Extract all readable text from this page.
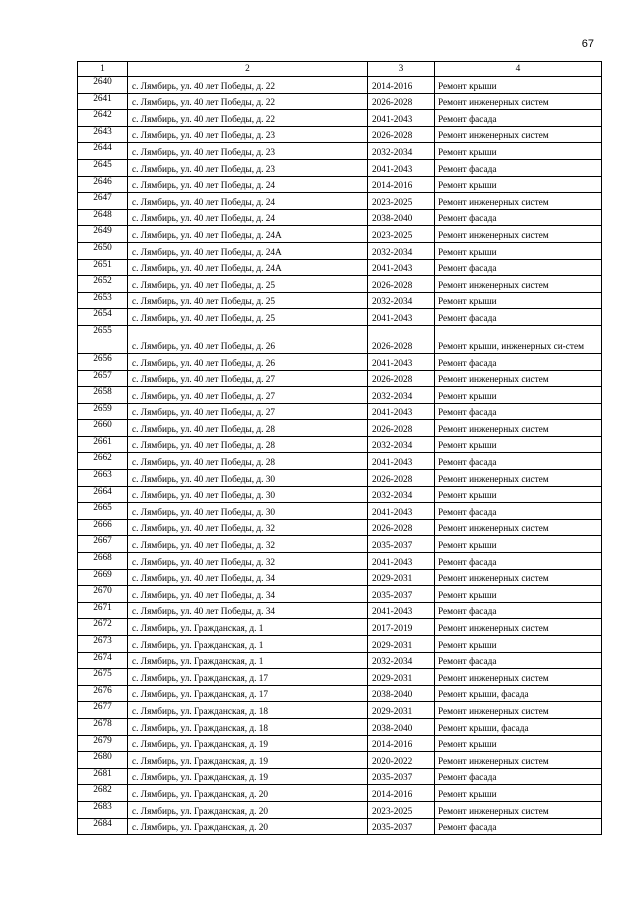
67
1	2	3	4
2640	с. Лямбирь, ул. 40 лет Победы, д. 22	2014-2016	Ремонт крыши
2641	с. Лямбирь, ул. 40 лет Победы, д. 22	2026-2028	Ремонт инженерных систем
2642	с. Лямбирь, ул. 40 лет Победы, д. 22	2041-2043	Ремонт фасада
2643	с. Лямбирь, ул. 40 лет Победы, д. 23	2026-2028	Ремонт инженерных систем
2644	с. Лямбирь, ул. 40 лет Победы, д. 23	2032-2034	Ремонт крыши
2645	с. Лямбирь, ул. 40 лет Победы, д. 23	2041-2043	Ремонт фасада
2646	с. Лямбирь, ул. 40 лет Победы, д. 24	2014-2016	Ремонт крыши
2647	с. Лямбирь, ул. 40 лет Победы, д. 24	2023-2025	Ремонт инженерных систем
2648	с. Лямбирь, ул. 40 лет Победы, д. 24	2038-2040	Ремонт фасада
2649	с. Лямбирь, ул. 40 лет Победы, д. 24А	2023-2025	Ремонт инженерных систем
2650	с. Лямбирь, ул. 40 лет Победы, д. 24А	2032-2034	Ремонт крыши
2651	с. Лямбирь, ул. 40 лет Победы, д. 24А	2041-2043	Ремонт фасада
2652	с. Лямбирь, ул. 40 лет Победы, д. 25	2026-2028	Ремонт инженерных систем
2653	с. Лямбирь, ул. 40 лет Победы, д. 25	2032-2034	Ремонт крыши
2654	с. Лямбирь, ул. 40 лет Победы, д. 25	2041-2043	Ремонт фасада
2655	с. Лямбирь, ул. 40 лет Победы, д. 26	2026-2028	Ремонт крыши, инженерных си-стем
2656	с. Лямбирь, ул. 40 лет Победы, д. 26	2041-2043	Ремонт фасада
2657	с. Лямбирь, ул. 40 лет Победы, д. 27	2026-2028	Ремонт инженерных систем
2658	с. Лямбирь, ул. 40 лет Победы, д. 27	2032-2034	Ремонт крыши
2659	с. Лямбирь, ул. 40 лет Победы, д. 27	2041-2043	Ремонт фасада
2660	с. Лямбирь, ул. 40 лет Победы, д. 28	2026-2028	Ремонт инженерных систем
2661	с. Лямбирь, ул. 40 лет Победы, д. 28	2032-2034	Ремонт крыши
2662	с. Лямбирь, ул. 40 лет Победы, д. 28	2041-2043	Ремонт фасада
2663	с. Лямбирь, ул. 40 лет Победы, д. 30	2026-2028	Ремонт инженерных систем
2664	с. Лямбирь, ул. 40 лет Победы, д. 30	2032-2034	Ремонт крыши
2665	с. Лямбирь, ул. 40 лет Победы, д. 30	2041-2043	Ремонт фасада
2666	с. Лямбирь, ул. 40 лет Победы, д. 32	2026-2028	Ремонт инженерных систем
2667	с. Лямбирь, ул. 40 лет Победы, д. 32	2035-2037	Ремонт крыши
2668	с. Лямбирь, ул. 40 лет Победы, д. 32	2041-2043	Ремонт фасада
2669	с. Лямбирь, ул. 40 лет Победы, д. 34	2029-2031	Ремонт инженерных систем
2670	с. Лямбирь, ул. 40 лет Победы, д. 34	2035-2037	Ремонт крыши
2671	с. Лямбирь, ул. 40 лет Победы, д. 34	2041-2043	Ремонт фасада
2672	с. Лямбирь, ул. Гражданская, д. 1	2017-2019	Ремонт инженерных систем
2673	с. Лямбирь, ул. Гражданская, д. 1	2029-2031	Ремонт крыши
2674	с. Лямбирь, ул. Гражданская, д. 1	2032-2034	Ремонт фасада
2675	с. Лямбирь, ул. Гражданская, д. 17	2029-2031	Ремонт инженерных систем
2676	с. Лямбирь, ул. Гражданская, д. 17	2038-2040	Ремонт крыши, фасада
2677	с. Лямбирь, ул. Гражданская, д. 18	2029-2031	Ремонт инженерных систем
2678	с. Лямбирь, ул. Гражданская, д. 18	2038-2040	Ремонт крыши, фасада
2679	с. Лямбирь, ул. Гражданская, д. 19	2014-2016	Ремонт крыши
2680	с. Лямбирь, ул. Гражданская, д. 19	2020-2022	Ремонт инженерных систем
2681	с. Лямбирь, ул. Гражданская, д. 19	2035-2037	Ремонт фасада
2682	с. Лямбирь, ул. Гражданская, д. 20	2014-2016	Ремонт крыши
2683	с. Лямбирь, ул. Гражданская, д. 20	2023-2025	Ремонт инженерных систем
2684	с. Лямбирь, ул. Гражданская, д. 20	2035-2037	Ремонт фасада
